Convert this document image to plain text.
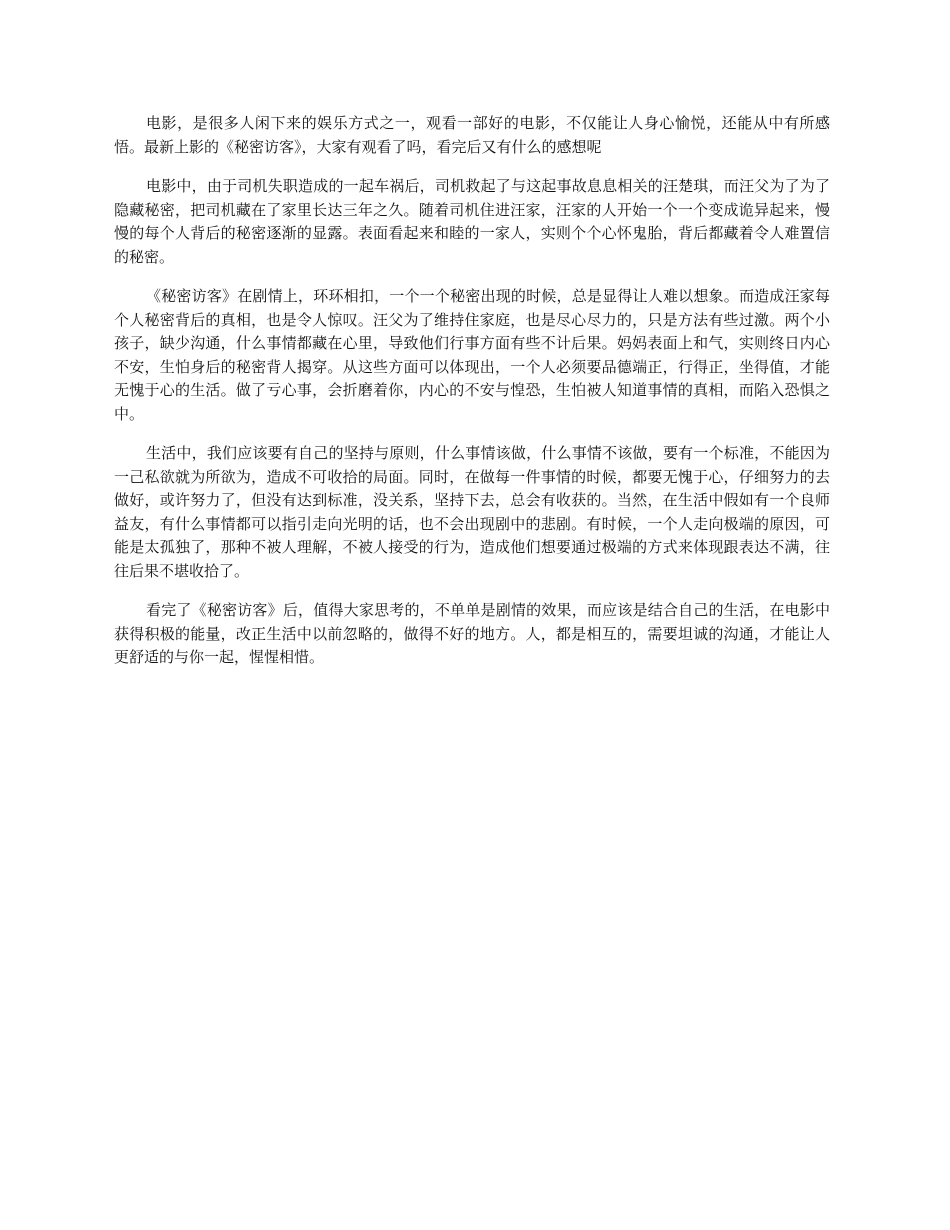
电影，是很多人闲下来的娱乐方式之一，观看一部好的电影，不仅能让人身心愉悦，还能从中有所感悟。最新上影的《秘密访客》，大家有观看了吗，看完后又有什么的感想呢

电影中，由于司机失职造成的一起车祸后，司机救起了与这起事故息息相关的汪楚琪，而汪父为了为了隐藏秘密，把司机藏在了家里长达三年之久。随着司机住进汪家，汪家的人开始一个一个变成诡异起来，慢慢的每个人背后的秘密逐渐的显露。表面看起来和睦的一家人，实则个个心怀鬼胎，背后都藏着令人难置信的秘密。

《秘密访客》在剧情上，环环相扣，一个一个秘密出现的时候，总是显得让人难以想象。而造成汪家每个人秘密背后的真相，也是令人惊叹。汪父为了维持住家庭，也是尽心尽力的，只是方法有些过激。两个小孩子，缺少沟通，什么事情都藏在心里，导致他们行事方面有些不计后果。妈妈表面上和气，实则终日内心不安，生怕身后的秘密背人揭穿。从这些方面可以体现出，一个人必须要品德端正，行得正，坐得值，才能无愧于心的生活。做了亏心事，会折磨着你，内心的不安与惶恐，生怕被人知道事情的真相，而陷入恐惧之中。

生活中，我们应该要有自己的坚持与原则，什么事情该做，什么事情不该做，要有一个标准，不能因为一己私欲就为所欲为，造成不可收拾的局面。同时，在做每一件事情的时候，都要无愧于心，仔细努力的去做好，或许努力了，但没有达到标准，没关系，坚持下去，总会有收获的。当然，在生活中假如有一个良师益友，有什么事情都可以指引走向光明的话，也不会出现剧中的悲剧。有时候，一个人走向极端的原因，可能是太孤独了，那种不被人理解，不被人接受的行为，造成他们想要通过极端的方式来体现跟表达不满，往往后果不堪收拾了。

看完了《秘密访客》后，值得大家思考的，不单单是剧情的效果，而应该是结合自己的生活，在电影中获得积极的能量，改正生活中以前忽略的，做得不好的地方。人，都是相互的，需要坦诚的沟通，才能让人更舒适的与你一起，惺惺相惜。
